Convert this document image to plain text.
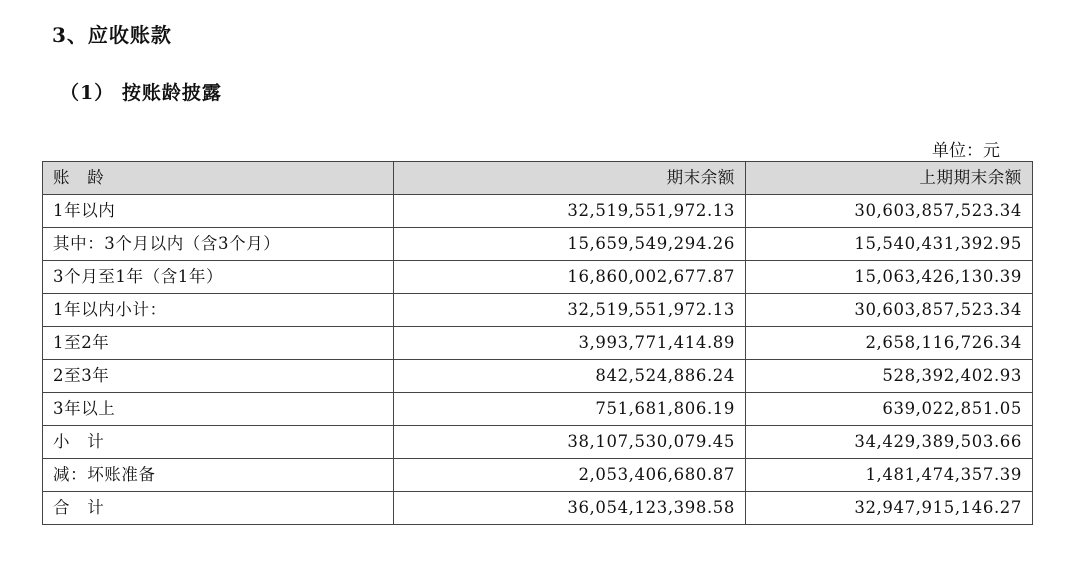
3、应收账款
（1） 按账龄披露
单位：元
账　龄	期末余额	上期期末余额
1年以内	32,519,551,972.13	30,603,857,523.34
其中：3个月以内（含3个月）	15,659,549,294.26	15,540,431,392.95
3个月至1年（含1年）	16,860,002,677.87	15,063,426,130.39
1年以内小计：	32,519,551,972.13	30,603,857,523.34
1至2年	3,993,771,414.89	2,658,116,726.34
2至3年	842,524,886.24	528,392,402.93
3年以上	751,681,806.19	639,022,851.05
小　计	38,107,530,079.45	34,429,389,503.66
减：坏账准备	2,053,406,680.87	1,481,474,357.39
合　计	36,054,123,398.58	32,947,915,146.27
